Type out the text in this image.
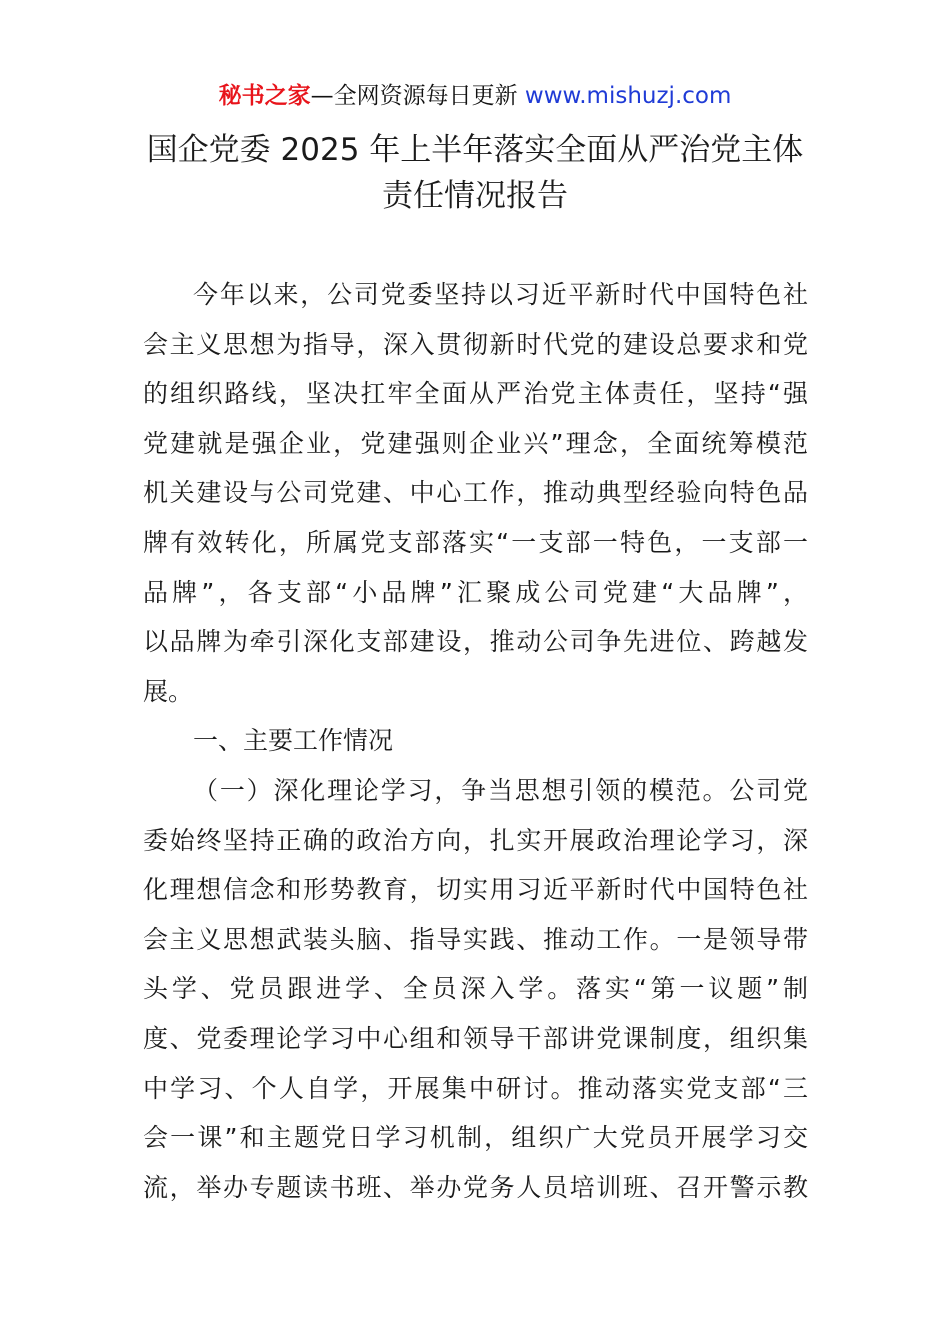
秘书之家—全网资源每日更新 www.mishuzj.com
国企党委 2025 年上半年落实全面从严治党主体
责任情况报告
今年以来，公司党委坚持以习近平新时代中国特色社
会主义思想为指导，深入贯彻新时代党的建设总要求和党
的组织路线，坚决扛牢全面从严治党主体责任，坚持“强
党建就是强企业，党建强则企业兴”理念，全面统筹模范
机关建设与公司党建、中心工作，推动典型经验向特色品
牌有效转化，所属党支部落实“一支部一特色，一支部一
品牌”，各支部“小品牌”汇聚成公司党建“大品牌”，
以品牌为牵引深化支部建设，推动公司争先进位、跨越发
展。
一、主要工作情况
（一）深化理论学习，争当思想引领的模范。公司党
委始终坚持正确的政治方向，扎实开展政治理论学习，深
化理想信念和形势教育，切实用习近平新时代中国特色社
会主义思想武装头脑、指导实践、推动工作。一是领导带
头学、党员跟进学、全员深入学。落实“第一议题”制
度、党委理论学习中心组和领导干部讲党课制度，组织集
中学习、个人自学，开展集中研讨。推动落实党支部“三
会一课”和主题党日学习机制，组织广大党员开展学习交
流，举办专题读书班、举办党务人员培训班、召开警示教
